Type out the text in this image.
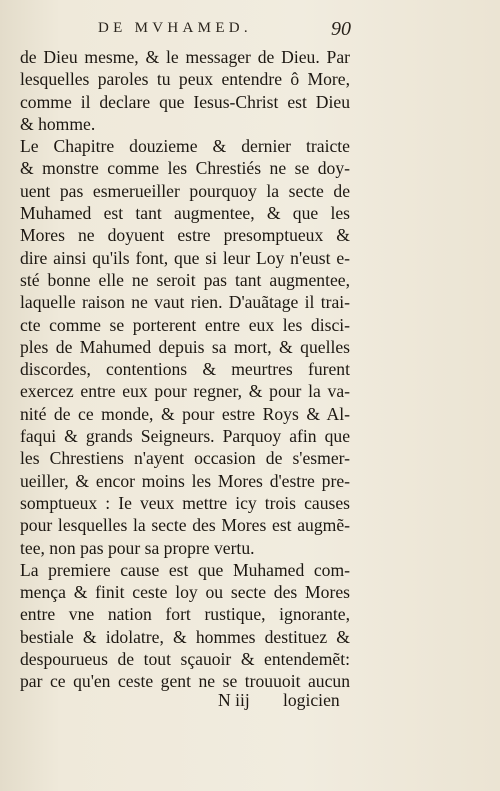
DE MVHAMED.	90
de Dieu mesme, & le messager de Dieu. Par
lesquelles paroles tu peux entendre ô More,
comme il declare que Iesus-Christ est Dieu
& homme.
Le Chapitre douzieme & dernier traicte
& monstre comme les Chrestiés ne se doy-
uent pas esmerueiller pourquoy la secte de
Muhamed est tant augmentee, & que les
Mores ne doyuent estre presomptueux &
dire ainsi qu'ils font, que si leur Loy n'eust e-
sté bonne elle ne seroit pas tant augmentee,
laquelle raison ne vaut rien. D'auãtage il trai-
cte comme se porterent entre eux les disci-
ples de Mahumed depuis sa mort, & quelles
discordes, contentions & meurtres furent
exercez entre eux pour regner, & pour la va-
nité de ce monde, & pour estre Roys & Al-
faqui & grands Seigneurs. Parquoy afin que
les Chrestiens n'ayent occasion de s'esmer-
ueiller, & encor moins les Mores d'estre pre-
somptueux : Ie veux mettre icy trois causes
pour lesquelles la secte des Mores est augmẽ-
tee, non pas pour sa propre vertu.
La premiere cause est que Muhamed com-
mença & finit ceste loy ou secte des Mores
entre vne nation fort rustique, ignorante,
bestiale & idolatre, & hommes destituez &
despourueus de tout sçauoir & entendemẽt:
par ce qu'en ceste gent ne se trouuoit aucun
N iij logicien
